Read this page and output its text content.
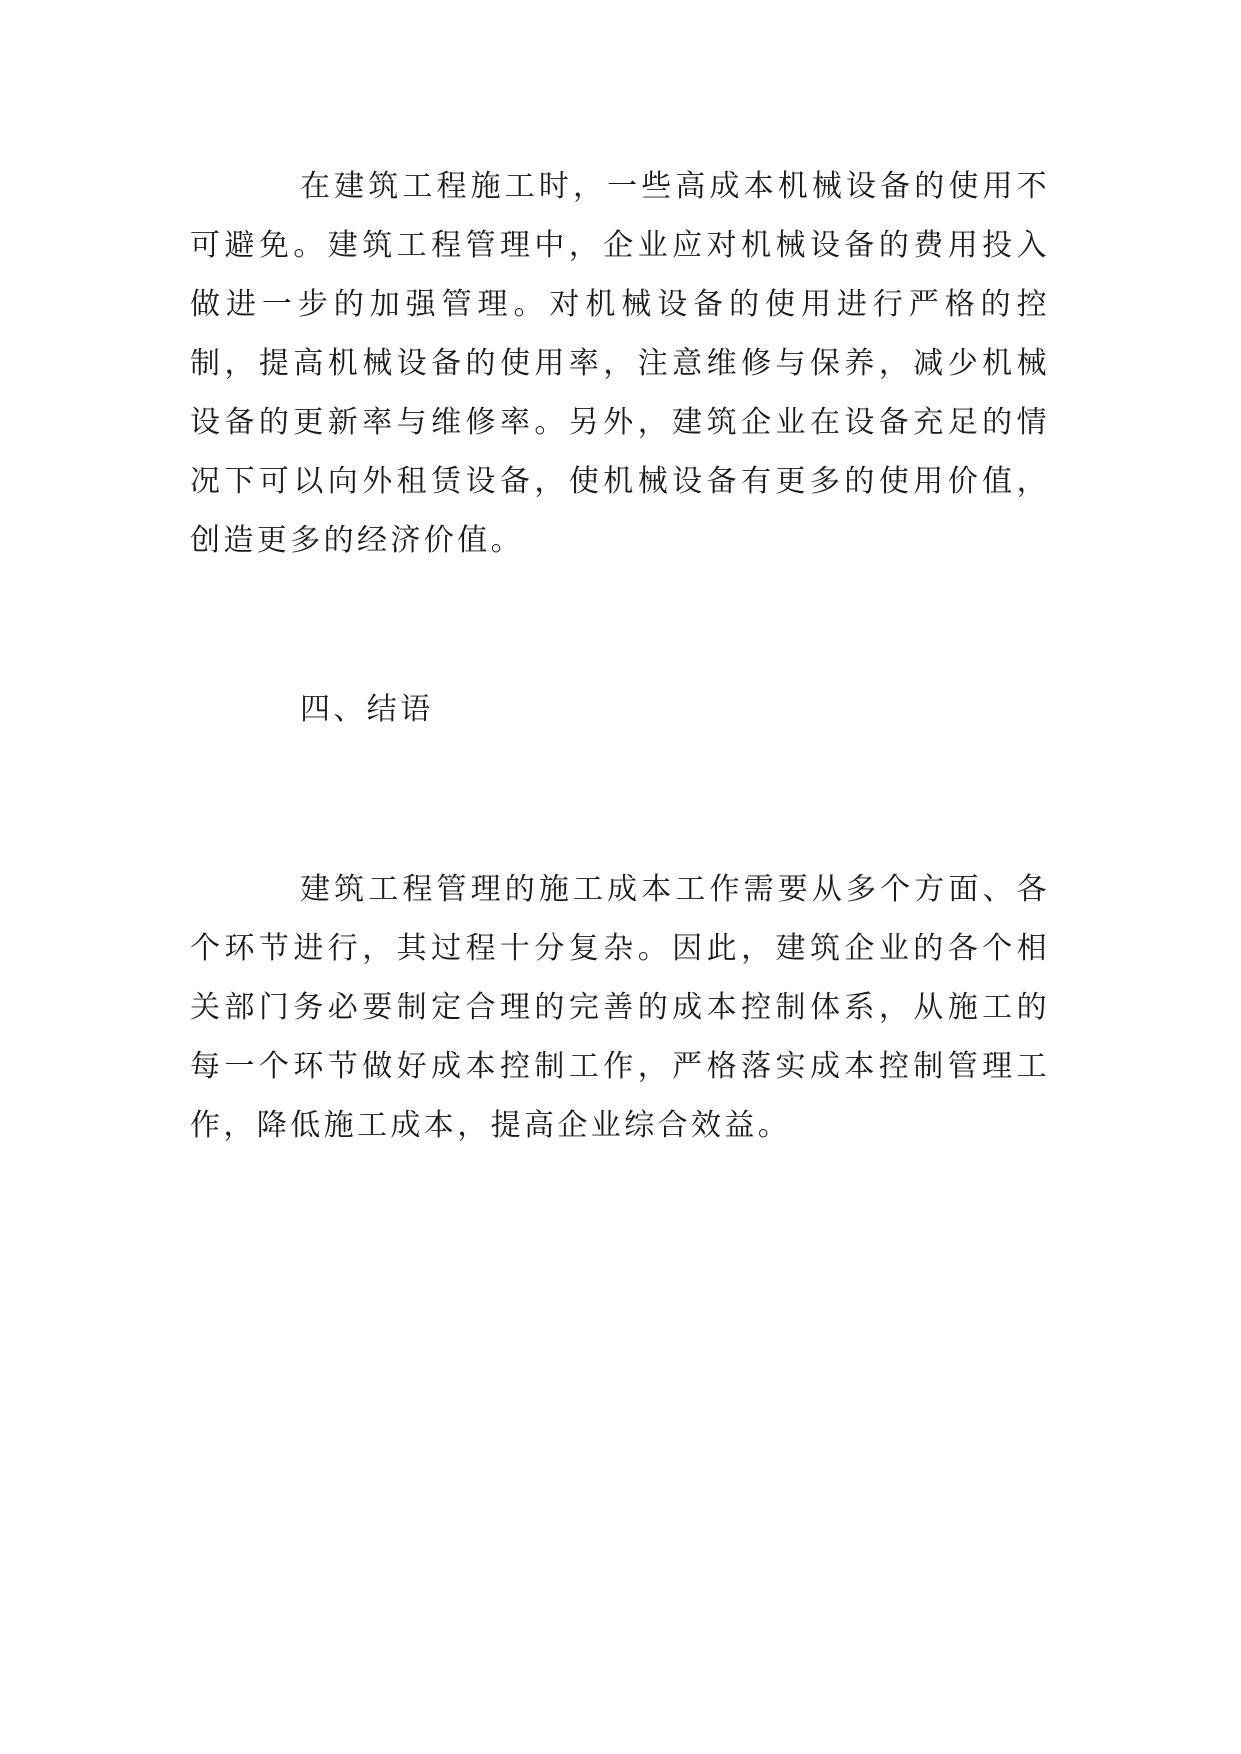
在建筑工程施工时，一些高成本机械设备的使用不可避免。建筑工程管理中，企业应对机械设备的费用投入做进一步的加强管理。对机械设备的使用进行严格的控制，提高机械设备的使用率，注意维修与保养，减少机械设备的更新率与维修率。另外，建筑企业在设备充足的情况下可以向外租赁设备，使机械设备有更多的使用价值，创造更多的经济价值。

四、结语

建筑工程管理的施工成本工作需要从多个方面、各个环节进行，其过程十分复杂。因此，建筑企业的各个相关部门务必要制定合理的完善的成本控制体系，从施工的每一个环节做好成本控制工作，严格落实成本控制管理工作，降低施工成本，提高企业综合效益。
